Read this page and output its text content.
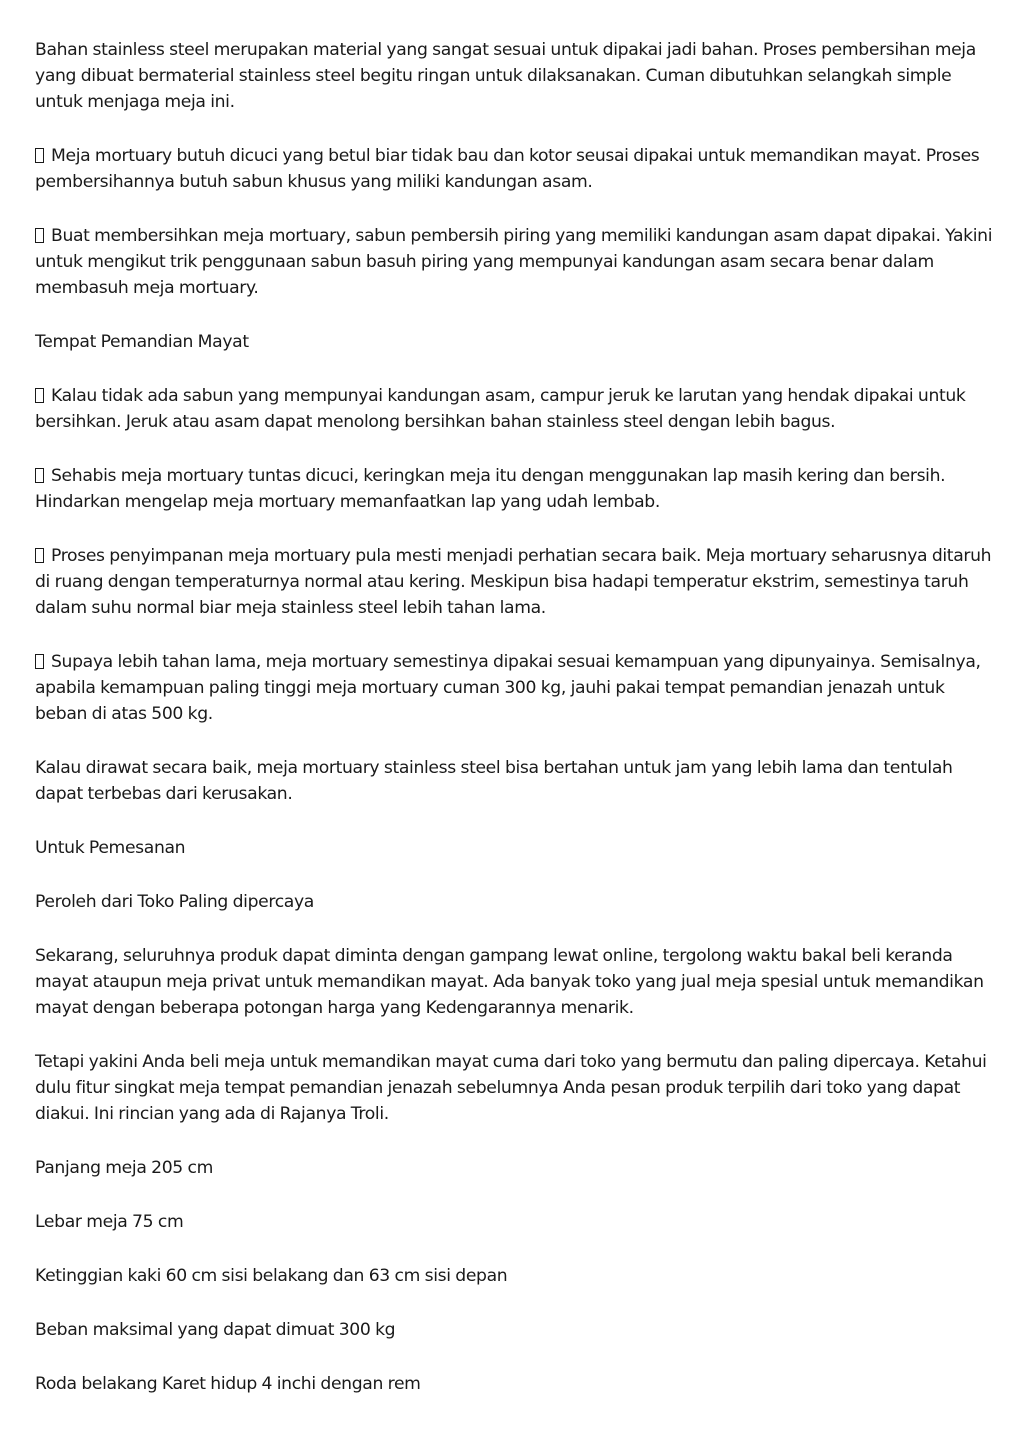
Bahan stainless steel merupakan material yang sangat sesuai untuk dipakai jadi bahan. Proses pembersihan meja yang dibuat bermaterial stainless steel begitu ringan untuk dilaksanakan. Cuman dibutuhkan selangkah simple untuk menjaga meja ini.

Meja mortuary butuh dicuci yang betul biar tidak bau dan kotor seusai dipakai untuk memandikan mayat. Proses pembersihannya butuh sabun khusus yang miliki kandungan asam.

Buat membersihkan meja mortuary, sabun pembersih piring yang memiliki kandungan asam dapat dipakai. Yakini untuk mengikut trik penggunaan sabun basuh piring yang mempunyai kandungan asam secara benar dalam membasuh meja mortuary.

Tempat Pemandian Mayat

Kalau tidak ada sabun yang mempunyai kandungan asam, campur jeruk ke larutan yang hendak dipakai untuk bersihkan. Jeruk atau asam dapat menolong bersihkan bahan stainless steel dengan lebih bagus.

Sehabis meja mortuary tuntas dicuci, keringkan meja itu dengan menggunakan lap masih kering dan bersih. Hindarkan mengelap meja mortuary memanfaatkan lap yang udah lembab.

Proses penyimpanan meja mortuary pula mesti menjadi perhatian secara baik. Meja mortuary seharusnya ditaruh di ruang dengan temperaturnya normal atau kering. Meskipun bisa hadapi temperatur ekstrim, semestinya taruh dalam suhu normal biar meja stainless steel lebih tahan lama.

Supaya lebih tahan lama, meja mortuary semestinya dipakai sesuai kemampuan yang dipunyainya. Semisalnya, apabila kemampuan paling tinggi meja mortuary cuman 300 kg, jauhi pakai tempat pemandian jenazah untuk beban di atas 500 kg.

Kalau dirawat secara baik, meja mortuary stainless steel bisa bertahan untuk jam yang lebih lama dan tentulah dapat terbebas dari kerusakan.

Untuk Pemesanan

Peroleh dari Toko Paling dipercaya

Sekarang, seluruhnya produk dapat diminta dengan gampang lewat online, tergolong waktu bakal beli keranda mayat ataupun meja privat untuk memandikan mayat. Ada banyak toko yang jual meja spesial untuk memandikan mayat dengan beberapa potongan harga yang Kedengarannya menarik.

Tetapi yakini Anda beli meja untuk memandikan mayat cuma dari toko yang bermutu dan paling dipercaya. Ketahui dulu fitur singkat meja tempat pemandian jenazah sebelumnya Anda pesan produk terpilih dari toko yang dapat diakui. Ini rincian yang ada di Rajanya Troli.

Panjang meja 205 cm

Lebar meja 75 cm

Ketinggian kaki 60 cm sisi belakang dan 63 cm sisi depan

Beban maksimal yang dapat dimuat 300 kg

Roda belakang Karet hidup 4 inchi dengan rem
